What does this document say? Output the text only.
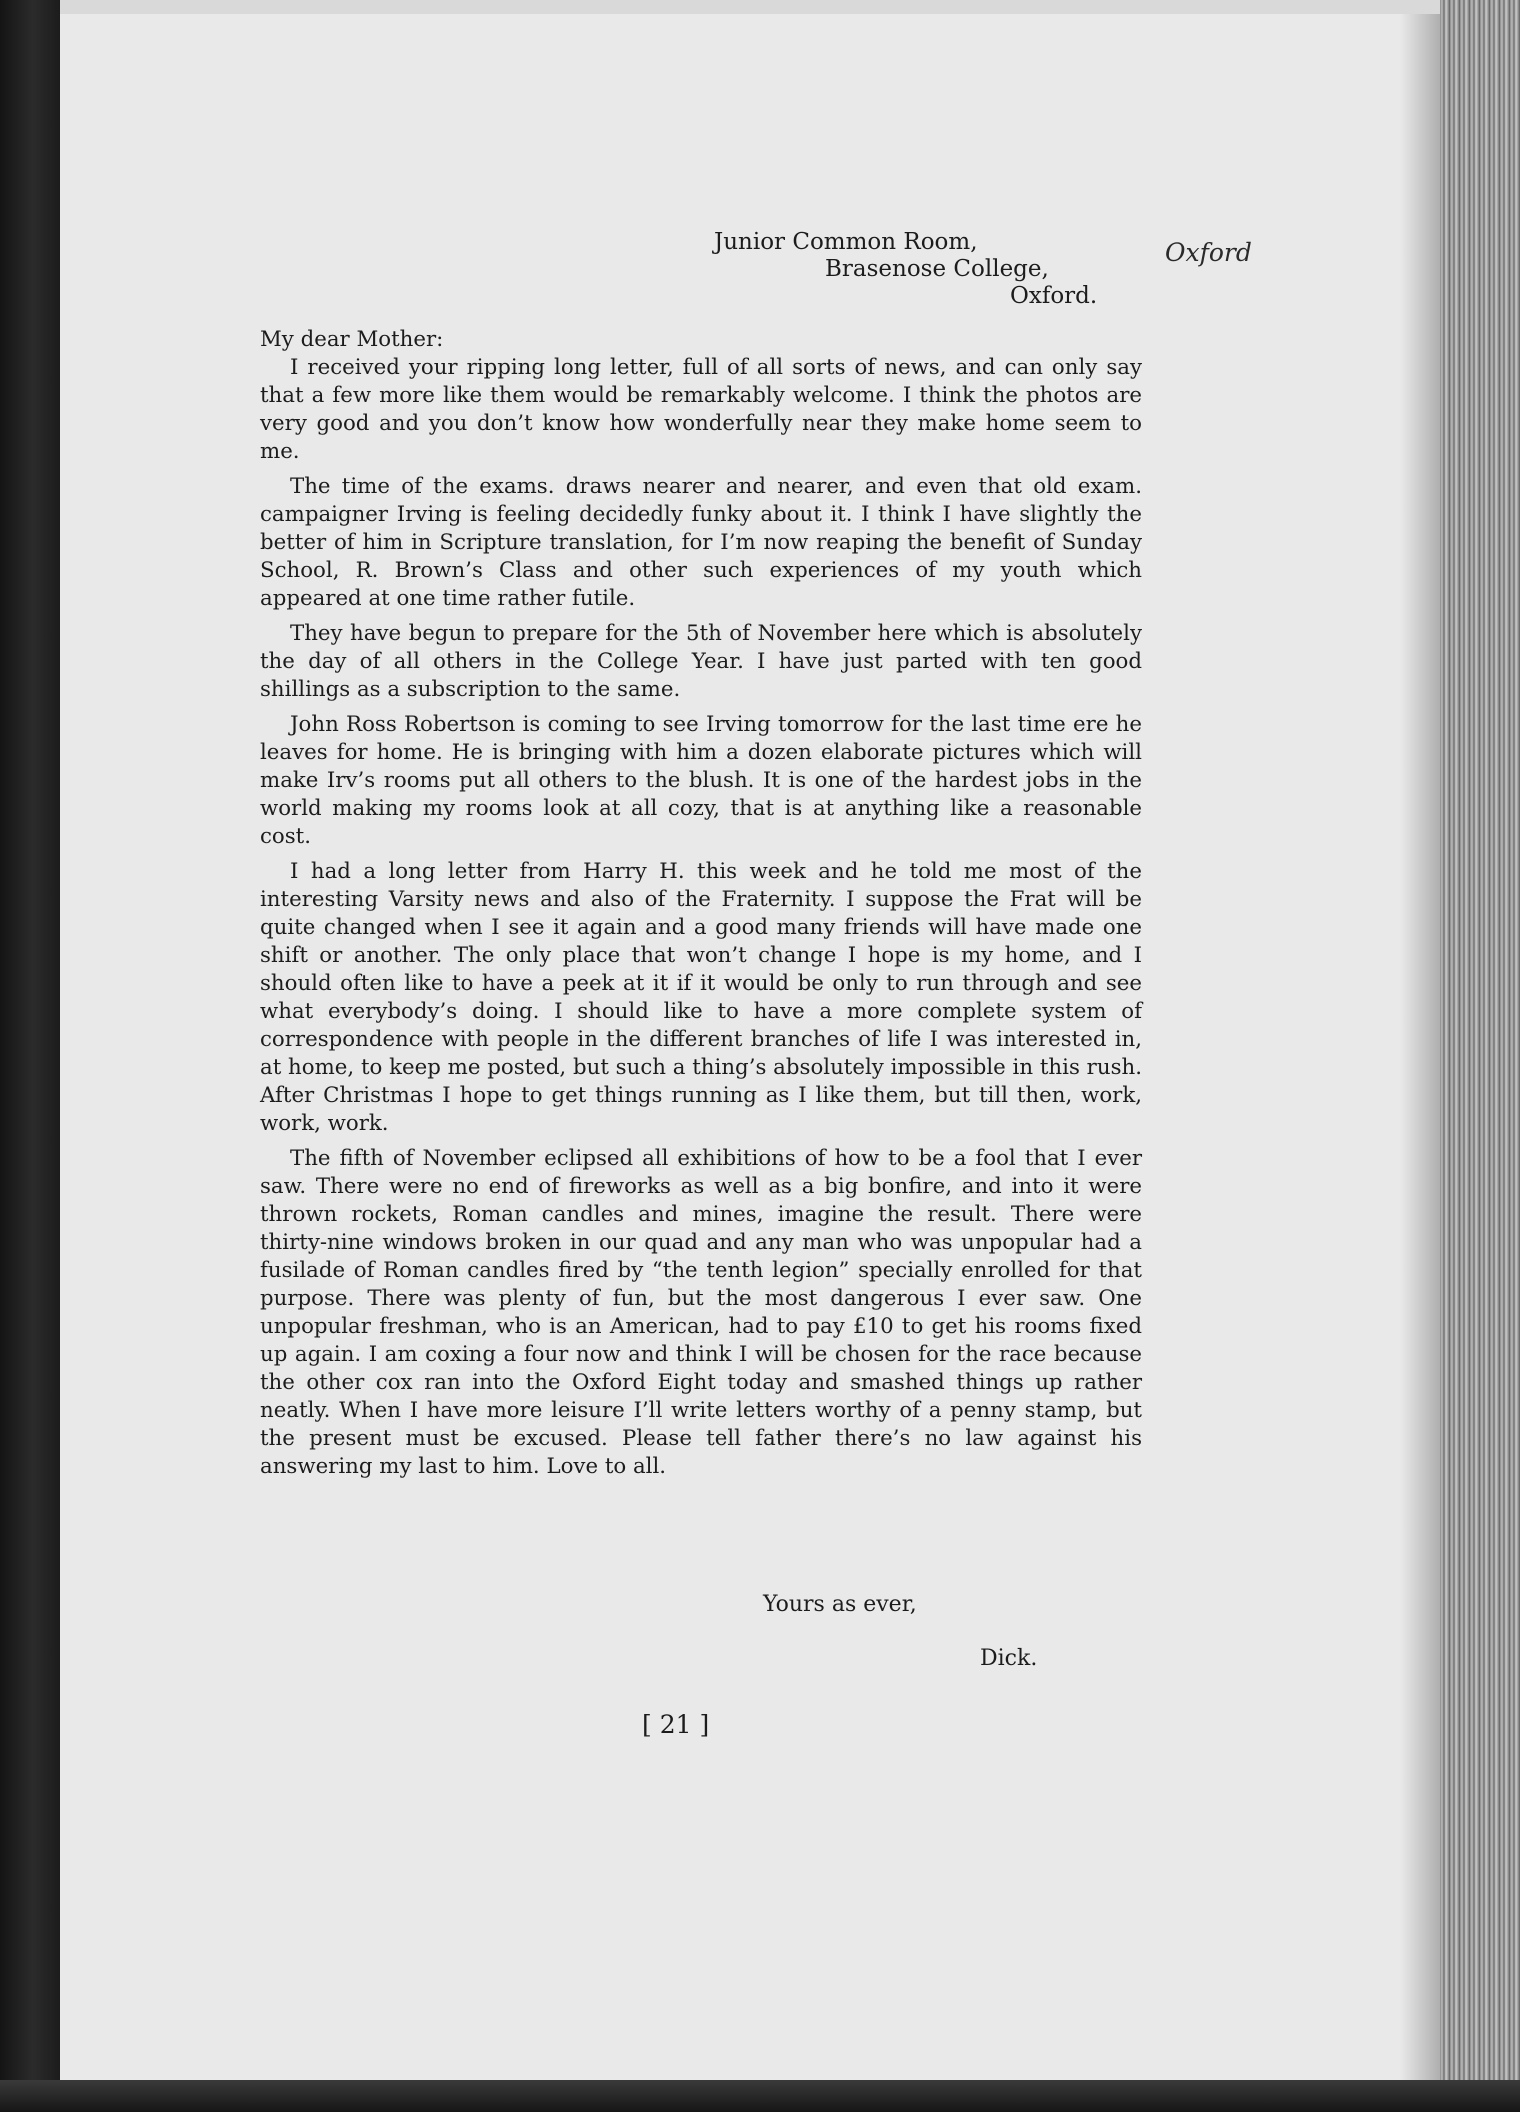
Junior Common Room,
Brasenose College,
Oxford.
Oxford

My dear Mother:

I received your ripping long letter, full of all sorts of news, and can only say that a few more like them would be remarkably welcome. I think the photos are very good and you don’t know how wonderfully near they make home seem to me.

The time of the exams. draws nearer and nearer, and even that old exam. campaigner Irving is feeling decidedly funky about it. I think I have slightly the better of him in Scripture translation, for I’m now reaping the benefit of Sunday School, R. Brown’s Class and other such experiences of my youth which appeared at one time rather futile.

They have begun to prepare for the 5th of November here which is absolutely the day of all others in the College Year. I have just parted with ten good shillings as a subscription to the same.

John Ross Robertson is coming to see Irving tomorrow for the last time ere he leaves for home. He is bringing with him a dozen elaborate pictures which will make Irv’s rooms put all others to the blush. It is one of the hardest jobs in the world making my rooms look at all cozy, that is at anything like a reasonable cost.

I had a long letter from Harry H. this week and he told me most of the interesting Varsity news and also of the Fraternity. I suppose the Frat will be quite changed when I see it again and a good many friends will have made one shift or another. The only place that won’t change I hope is my home, and I should often like to have a peek at it if it would be only to run through and see what everybody’s doing. I should like to have a more complete system of correspondence with people in the different branches of life I was interested in, at home, to keep me posted, but such a thing’s absolutely impossible in this rush. After Christmas I hope to get things running as I like them, but till then, work, work, work.

The fifth of November eclipsed all exhibitions of how to be a fool that I ever saw. There were no end of fireworks as well as a big bonfire, and into it were thrown rockets, Roman candles and mines, imagine the result. There were thirty-nine windows broken in our quad and any man who was unpopular had a fusilade of Roman candles fired by “the tenth legion” specially enrolled for that purpose. There was plenty of fun, but the most dangerous I ever saw. One unpopular freshman, who is an American, had to pay £10 to get his rooms fixed up again. I am coxing a four now and think I will be chosen for the race because the other cox ran into the Oxford Eight today and smashed things up rather neatly. When I have more leisure I’ll write letters worthy of a penny stamp, but the present must be excused. Please tell father there’s no law against his answering my last to him. Love to all.

Yours as ever,
Dick.
[ 21 ]
